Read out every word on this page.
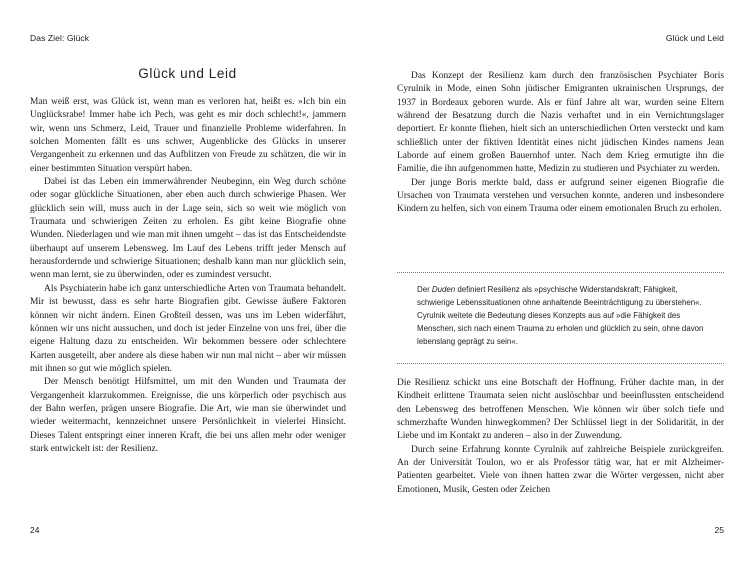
Das Ziel: Glück
Glück und Leid

Man weiß erst, was Glück ist, wenn man es verloren hat, heißt es. »Ich bin ein Unglücksrabe! Immer habe ich Pech, was geht es mir doch schlecht!«, jammern wir, wenn uns Schmerz, Leid, Trauer und finanzielle Probleme widerfahren. In solchen Momenten fällt es uns schwer, Augenblicke des Glücks in unserer Vergangenheit zu erkennen und das Aufblitzen von Freude zu schätzen, die wir in einer bestimmten Situation verspürt haben.

Dabei ist das Leben ein immerwährender Neubeginn, ein Weg durch schöne oder sogar glückliche Situationen, aber eben auch durch schwierige Phasen. Wer glücklich sein will, muss auch in der Lage sein, sich so weit wie möglich von Traumata und schwierigen Zeiten zu erholen. Es gibt keine Biografie ohne Wunden. Niederlagen und wie man mit ihnen umgeht – das ist das Entscheidendste überhaupt auf unserem Lebensweg. Im Lauf des Lebens trifft jeder Mensch auf herausfordernde und schwierige Situationen; deshalb kann man nur glücklich sein, wenn man lernt, sie zu überwinden, oder es zumindest versucht.

Als Psychiaterin habe ich ganz unterschiedliche Arten von Traumata behandelt. Mir ist bewusst, dass es sehr harte Biografien gibt. Gewisse äußere Faktoren können wir nicht ändern. Einen Großteil dessen, was uns im Leben widerfährt, können wir uns nicht aussuchen, und doch ist jeder Einzelne von uns frei, über die eigene Haltung dazu zu entscheiden. Wir bekommen bessere oder schlechtere Karten ausgeteilt, aber andere als diese haben wir nun mal nicht – aber wir müssen mit ihnen so gut wie möglich spielen.

Der Mensch benötigt Hilfsmittel, um mit den Wunden und Traumata der Vergangenheit klarzukommen. Ereignisse, die uns körperlich oder psychisch aus der Bahn werfen, prägen unsere Biografie. Die Art, wie man sie überwindet und wieder weitermacht, kennzeichnet unsere Persönlichkeit in vielerlei Hinsicht. Dieses Talent entspringt einer inneren Kraft, die bei uns allen mehr oder weniger stark entwickelt ist: der Resilienz.

24
Glück und Leid

Das Konzept der Resilienz kam durch den französischen Psychiater Boris Cyrulnik in Mode, einen Sohn jüdischer Emigranten ukrainischen Ursprungs, der 1937 in Bordeaux geboren wurde. Als er fünf Jahre alt war, wurden seine Eltern während der Besatzung durch die Nazis verhaftet und in ein Vernichtungslager deportiert. Er konnte fliehen, hielt sich an unterschiedlichen Orten versteckt und kam schließlich unter der fiktiven Identität eines nicht jüdischen Kindes namens Jean Laborde auf einem großen Bauernhof unter. Nach dem Krieg ermutigte ihn die Familie, die ihn aufgenommen hatte, Medizin zu studieren und Psychiater zu werden.

Der junge Boris merkte bald, dass er aufgrund seiner eigenen Biografie die Ursachen von Traumata verstehen und versuchen konnte, anderen und insbesondere Kindern zu helfen, sich von einem Trauma oder einem emotionalen Bruch zu erholen.

Der Duden definiert Resilienz als »psychische Widerstandskraft; Fähigkeit, schwierige Lebenssituationen ohne anhaltende Beeinträchtigung zu überstehen«. Cyrulnik weitete die Bedeutung dieses Konzepts aus auf »die Fähigkeit des Menschen, sich nach einem Trauma zu erholen und glücklich zu sein, ohne davon lebenslang geprägt zu sein«.

Die Resilienz schickt uns eine Botschaft der Hoffnung. Früher dachte man, in der Kindheit erlittene Traumata seien nicht auslöschbar und beeinflussten entscheidend den Lebensweg des betroffenen Menschen. Wie können wir über solch tiefe und schmerzhafte Wunden hinwegkommen? Der Schlüssel liegt in der Solidarität, in der Liebe und im Kontakt zu anderen – also in der Zuwendung.

Durch seine Erfahrung konnte Cyrulnik auf zahlreiche Beispiele zurückgreifen. An der Universität Toulon, wo er als Professor tätig war, hat er mit Alzheimer-Patienten gearbeitet. Viele von ihnen hatten zwar die Wörter vergessen, nicht aber Emotionen, Musik, Gesten oder Zeichen

25
